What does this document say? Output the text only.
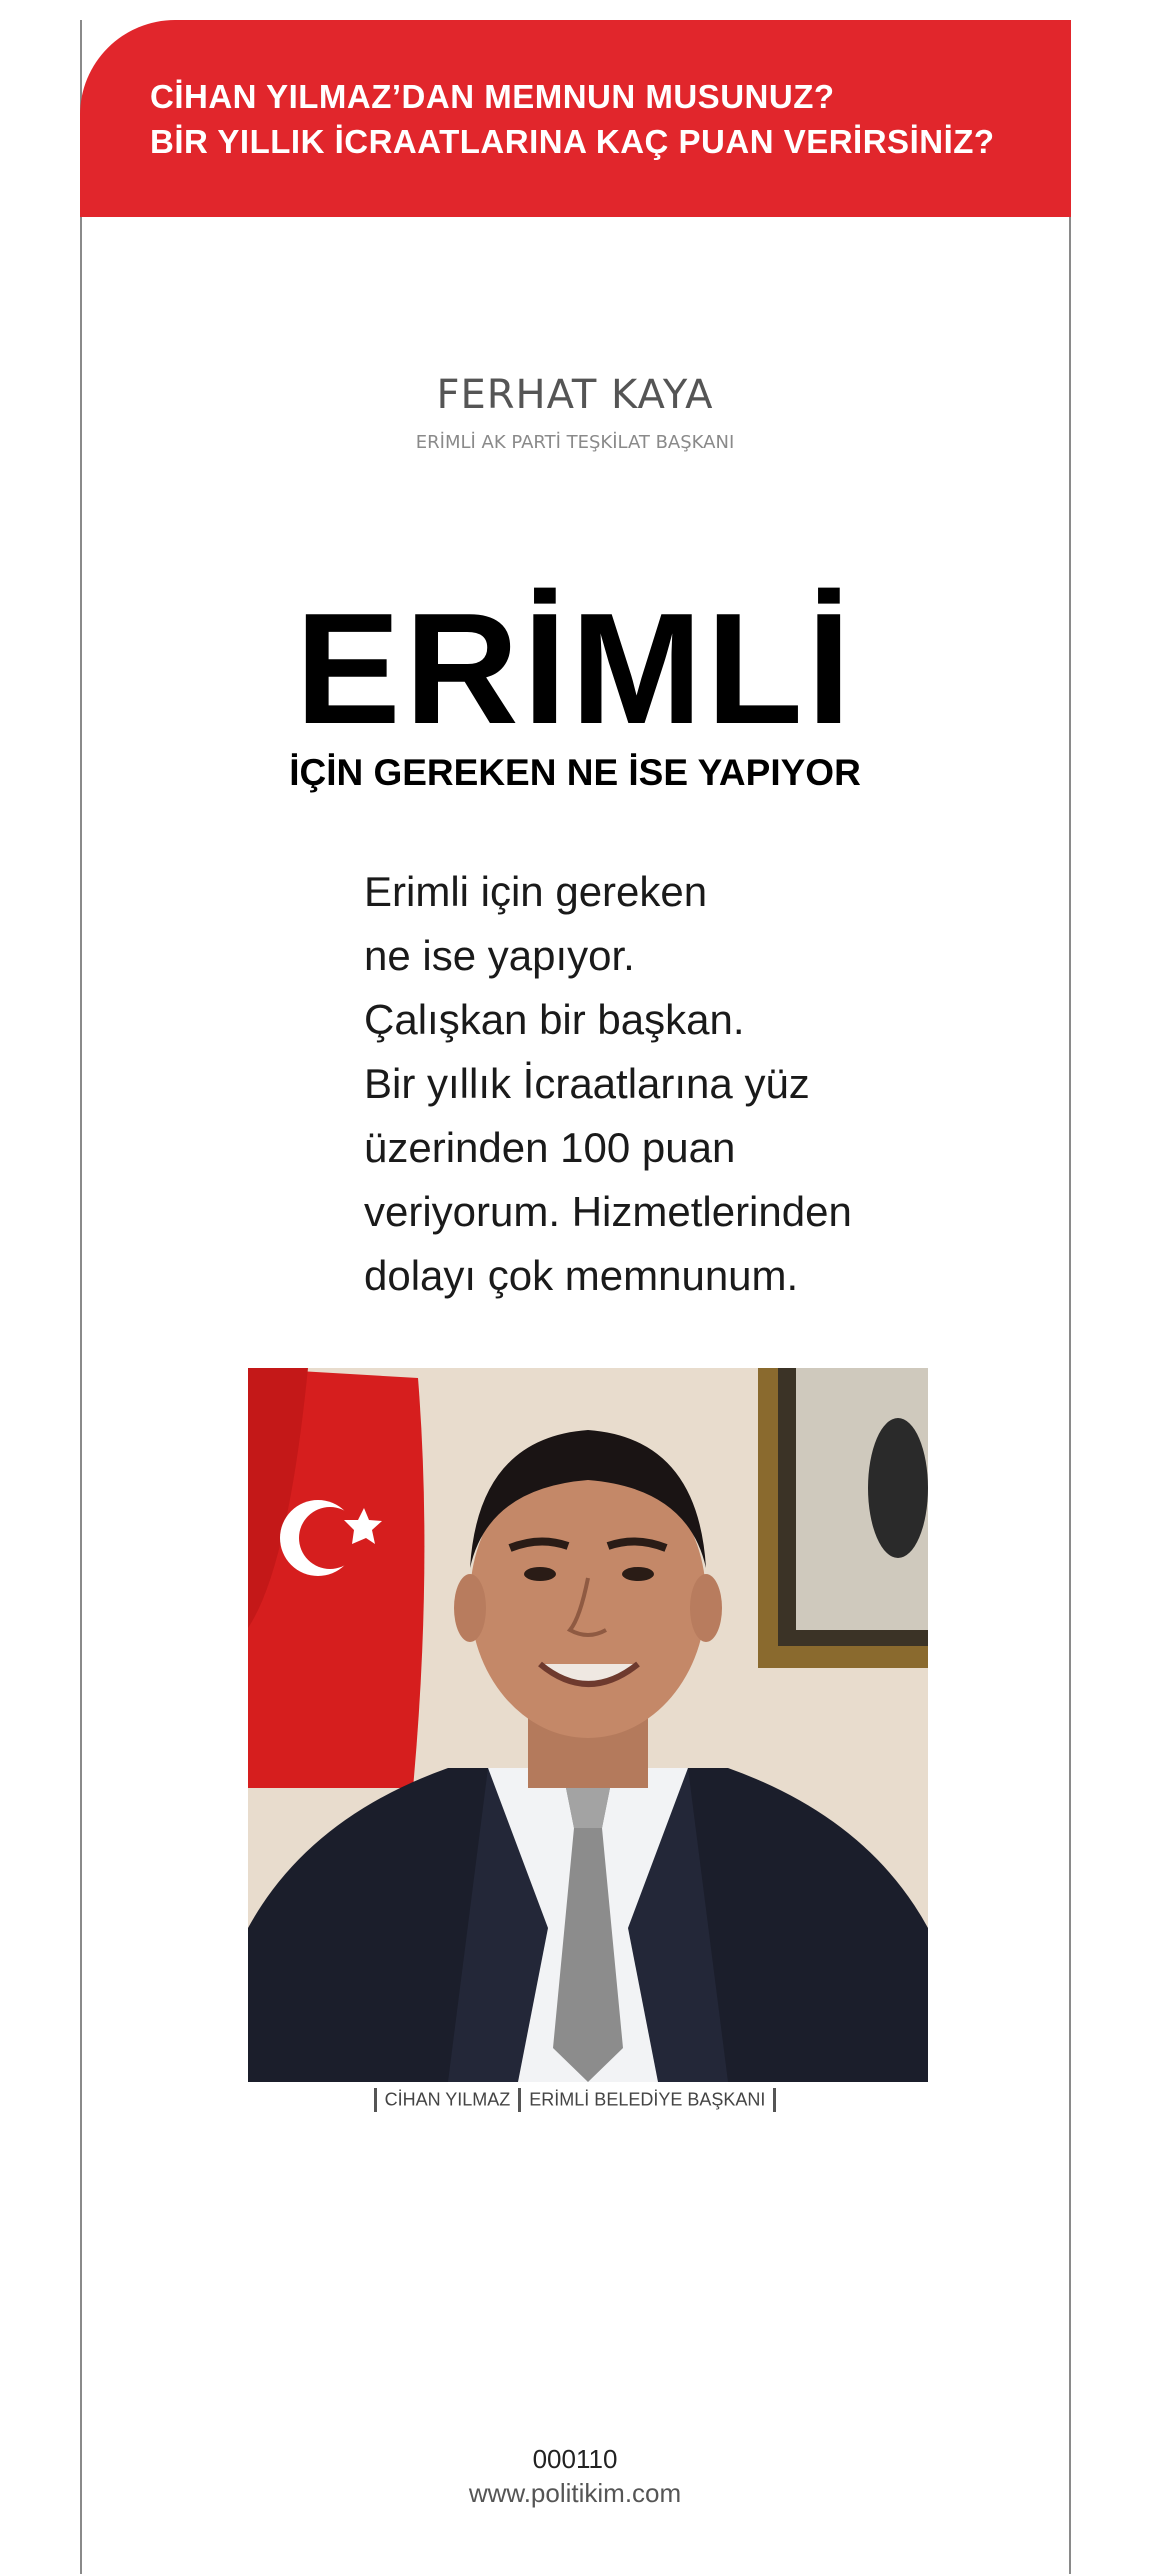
CİHAN YILMAZ’DAN MEMNUN MUSUNUZ?
BİR YILLIK İCRAATLARINA KAÇ PUAN VERİRSİNİZ?
FERHAT KAYA
ERİMLİ AK PARTİ TEŞKİLAT BAŞKANI
ERİMLİ
İÇİN GEREKEN NE İSE YAPIYOR
Erimli için gereken
ne ise yapıyor.
Çalışkan bir başkan.
Bir yıllık İcraatlarına yüz
üzerinden 100 puan
veriyorum. Hizmetlerinden
dolayı çok memnunum.
CİHAN YILMAZ ERİMLİ BELEDİYE BAŞKANI
000110
www.politikim.com
